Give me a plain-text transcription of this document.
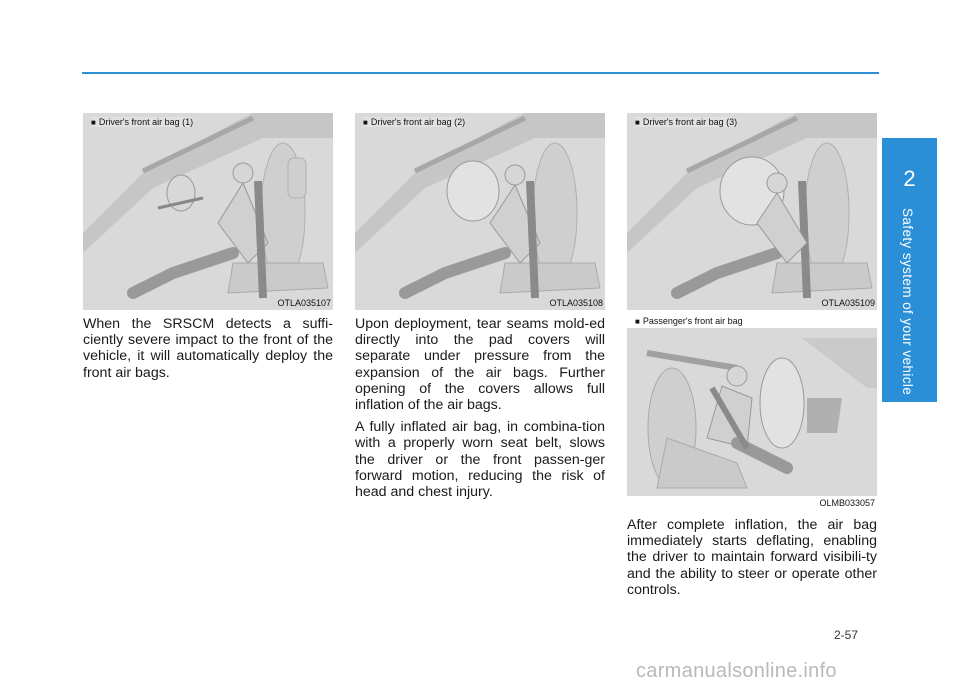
2
Safety system of your vehicle
■ Driver's front air bag (1)
OTLA035107
■ Driver's front air bag (2)
OTLA035108
■ Driver's front air bag (3)
OTLA035109
■ Passenger's front air bag
OLMB033057

When the SRSCM detects a suffi-ciently severe impact to the front of the vehicle, it will automatically deploy the front air bags.

Upon deployment, tear seams mold-ed directly into the pad covers will separate under pressure from the expansion of the air bags. Further opening of the covers allows full inflation of the air bags.

A fully inflated air bag, in combina-tion with a properly worn seat belt, slows the driver or the front passen-ger forward motion, reducing the risk of head and chest injury.

After complete inflation, the air bag immediately starts deflating, enabling the driver to maintain forward visibili-ty and the ability to steer or operate other controls.

2-57
carmanualsonline.info
